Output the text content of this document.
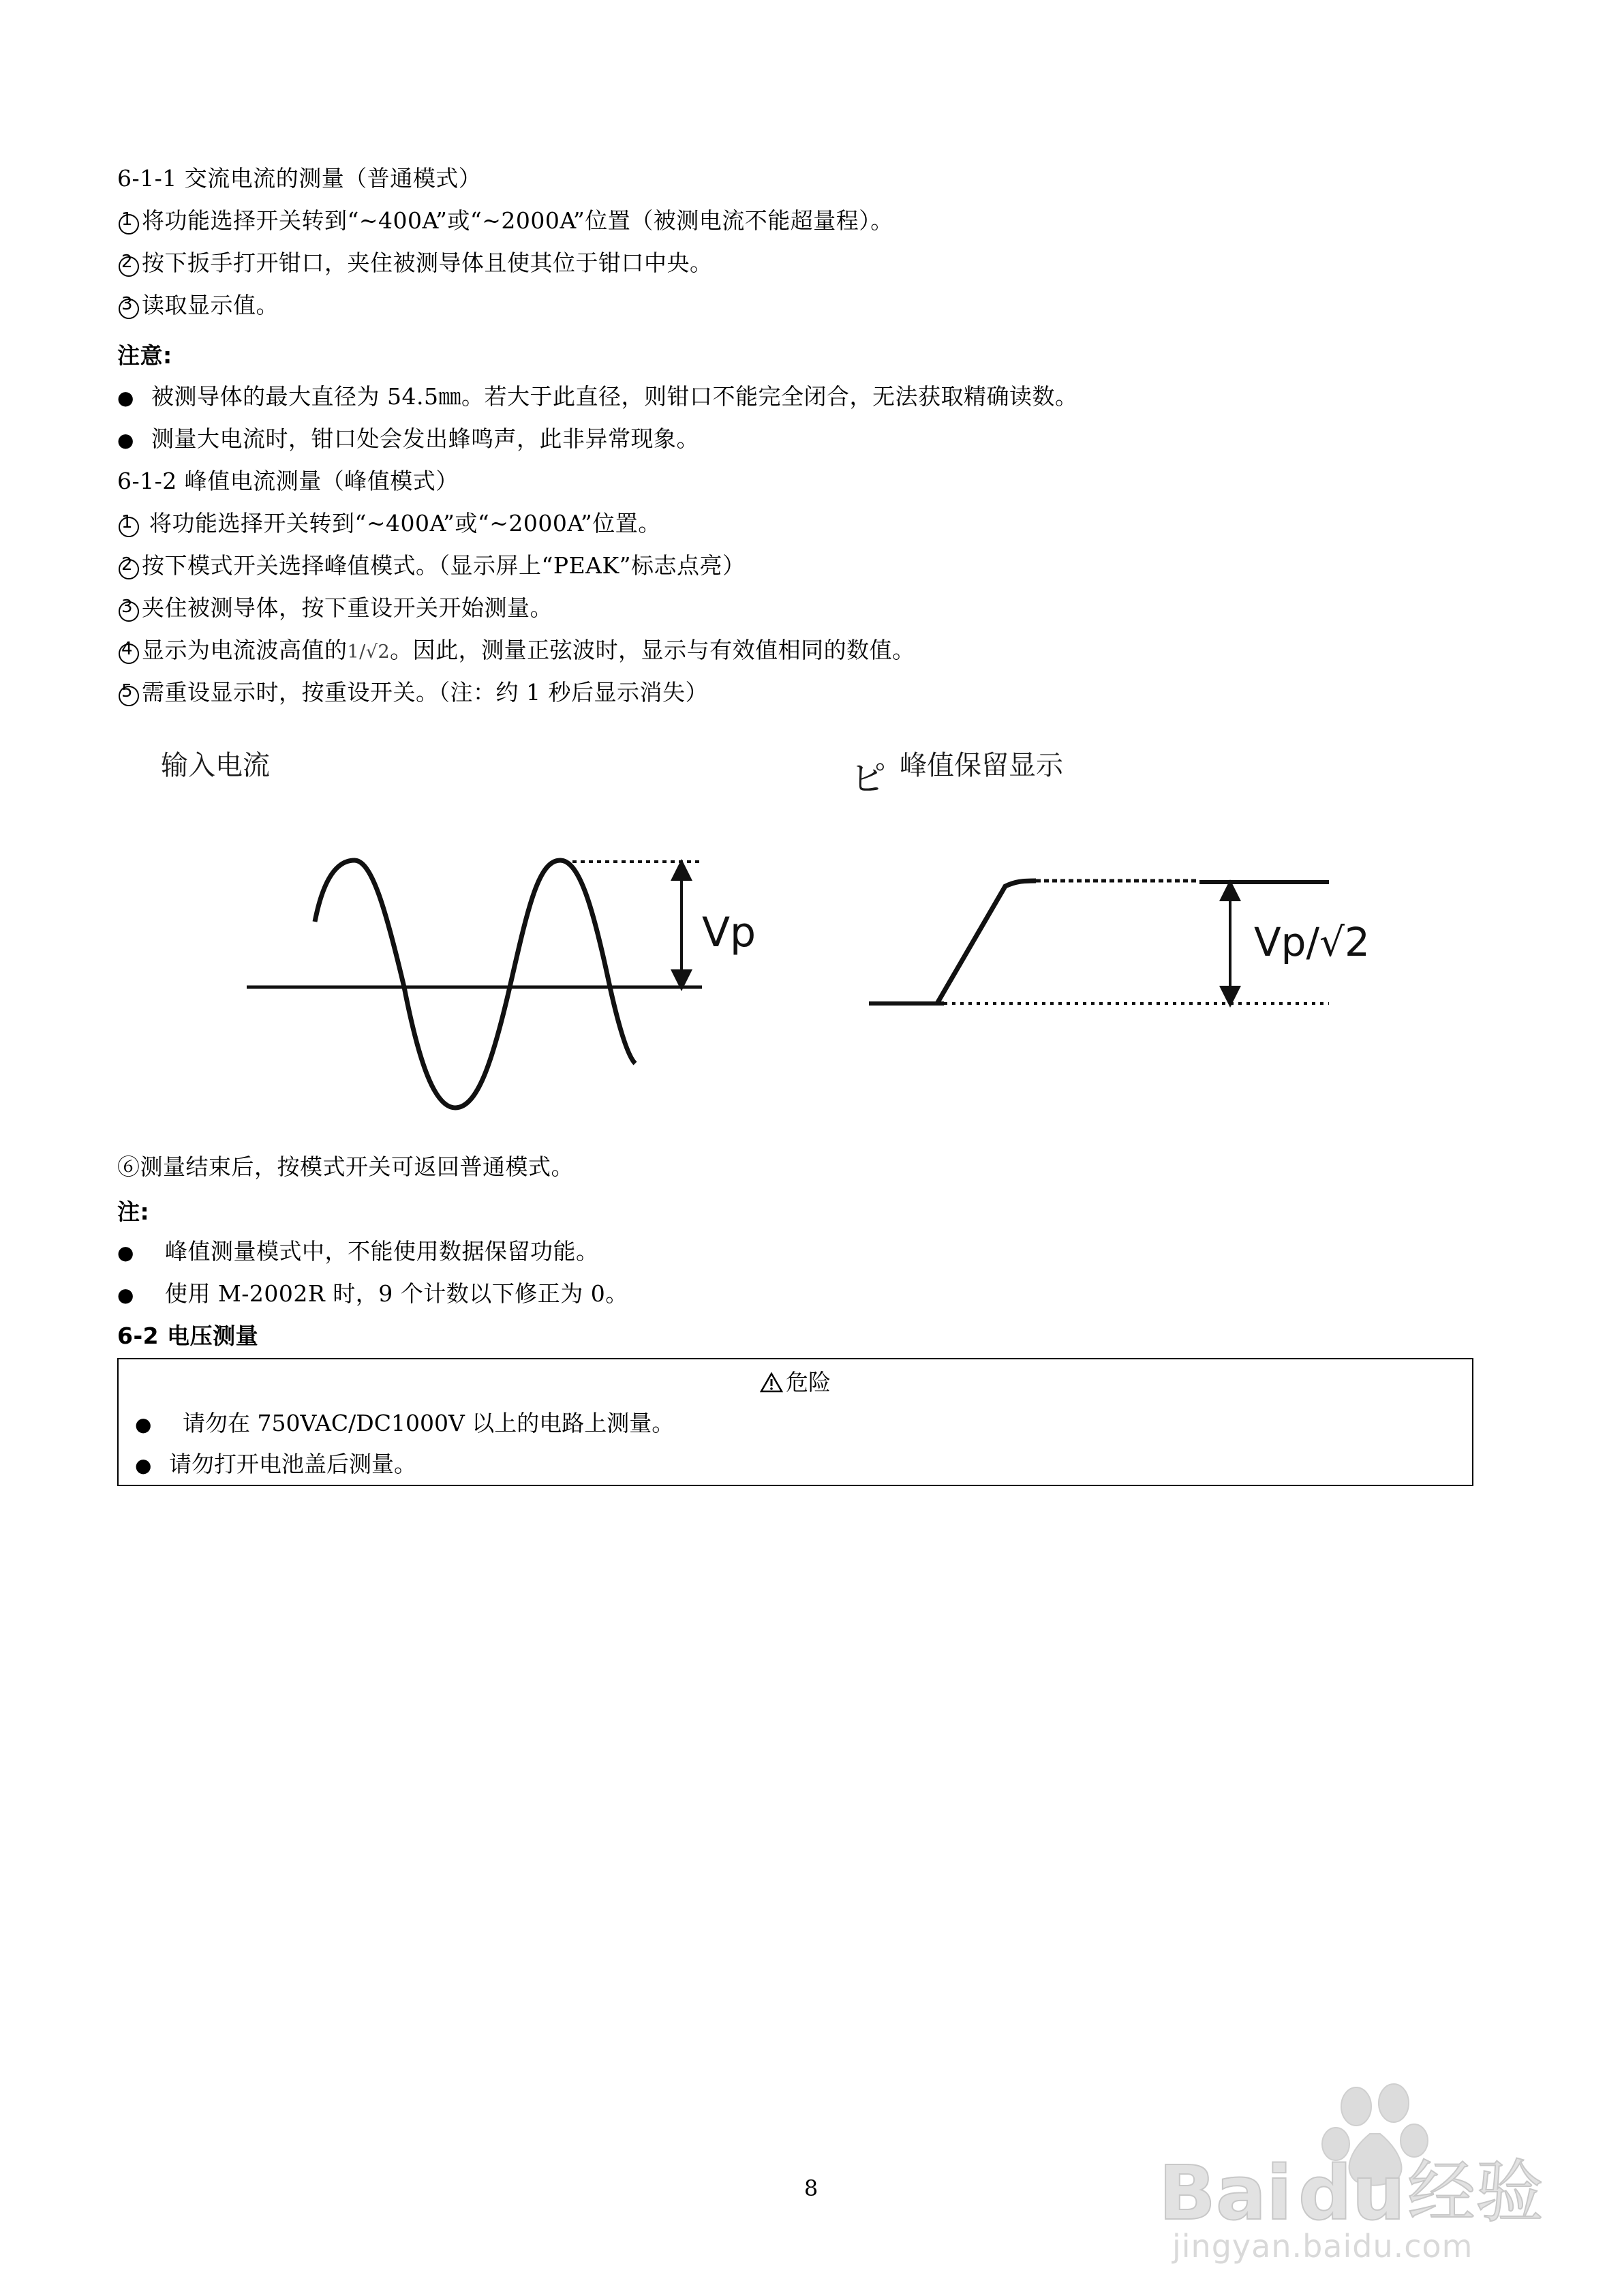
6-1-1 交流电流的测量（普通模式）
1 将功能选择开关转到“~400A”或“~2000A”位置（被测电流不能超量程）。
2 按下扳手打开钳口，夹住被测导体且使其位于钳口中央。
3 读取显示值。
注意:
● 被测导体的最大直径为 54.5㎜。若大于此直径，则钳口不能完全闭合，无法获取精确读数。
● 测量大电流时，钳口处会发出蜂鸣声，此非异常现象。
6-1-2 峰值电流测量（峰值模式）
1 将功能选择开关转到“~400A”或“~2000A”位置。
2 按下模式开关选择峰值模式。（显示屏上“PEAK”标志点亮）
3 夹住被测导体，按下重设开关开始测量。
4 显示为电流波高值的1/√2。因此，测量正弦波时，显示与有效值相同的数值。
5 需重设显示时，按重设开关。（注：约 1 秒后显示消失）
输入电流	ピ 峰值保留显示
Vp	Vp/√2
⑥测量结束后，按模式开关可返回普通模式。
注:
● 峰值测量模式中，不能使用数据保留功能。
● 使用 M-2002R 时，9 个计数以下修正为 0。
6-2 电压测量
危险
● 请勿在 750VAC/DC1000V 以上的电路上测量。
● 请勿打开电池盖后测量。
8	Bai du 经验
jingyan.baidu.com
